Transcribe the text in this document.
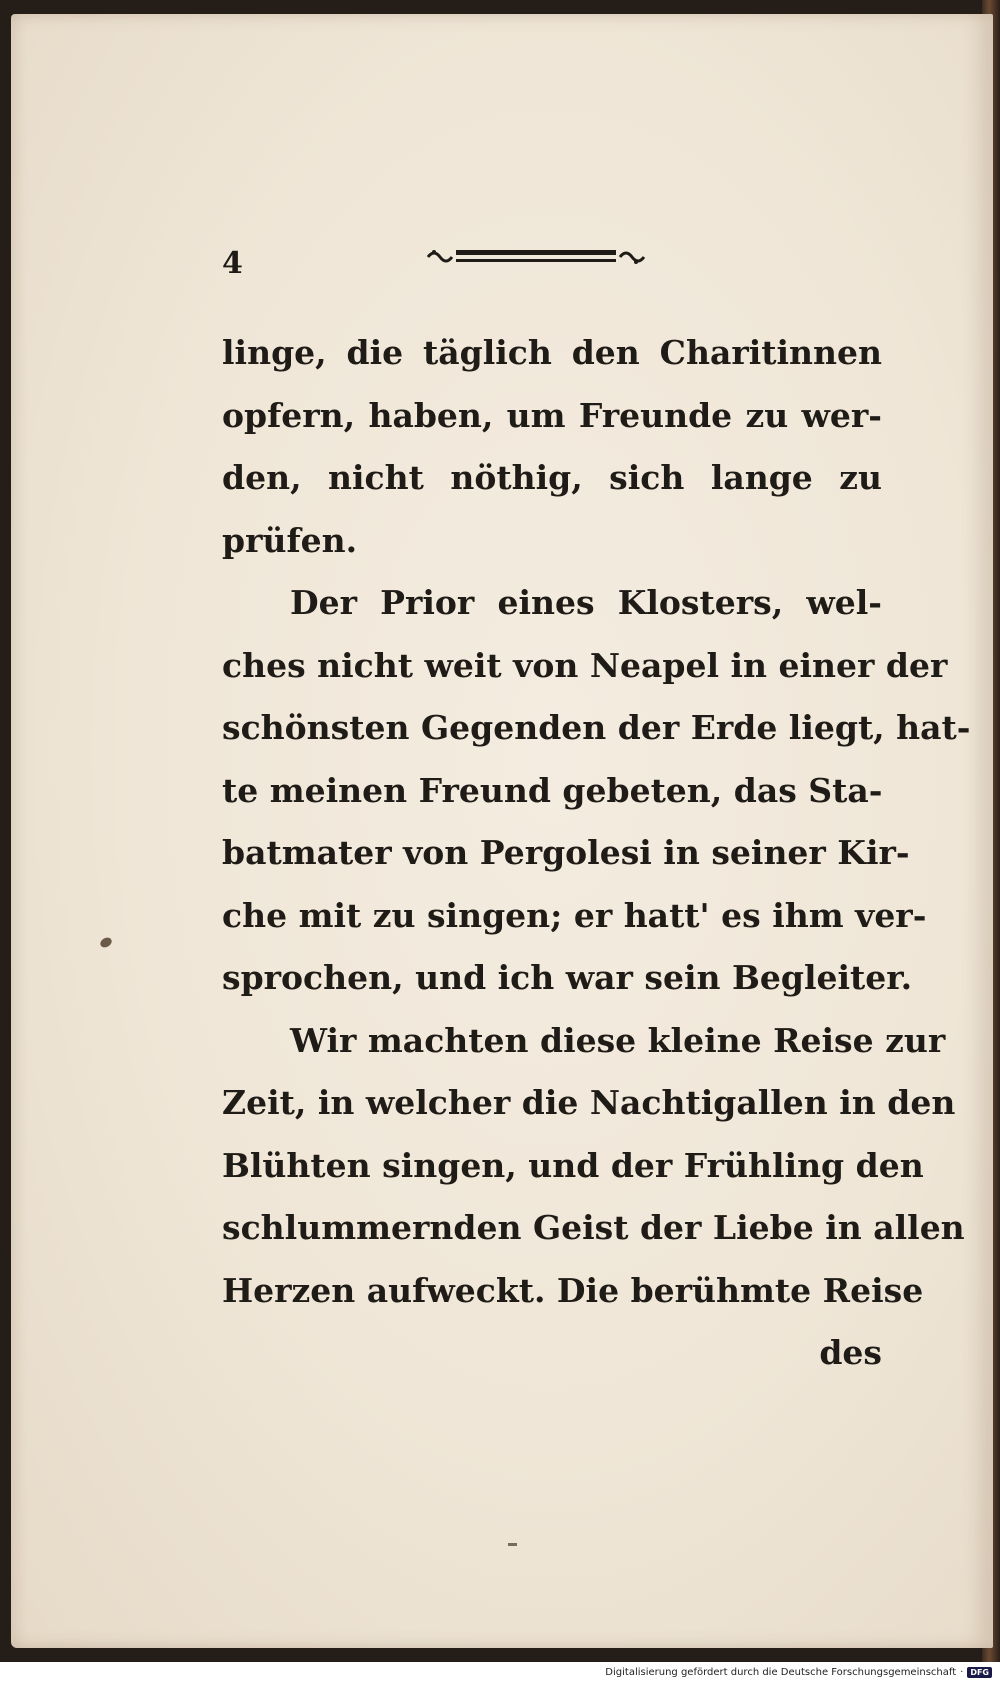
4
linge, die täglich den Charitinnen
opfern, haben, um Freunde zu wer-
den, nicht nöthig, sich lange zu
prüfen.
Der Prior eines Klosters, wel-
ches nicht weit von Neapel in einer der
schönsten Gegenden der Erde liegt, hat-
te meinen Freund gebeten, das Sta-
batmater von Pergolesi in seiner Kir-
che mit zu singen; er hatt' es ihm ver-
sprochen, und ich war sein Begleiter.
Wir machten diese kleine Reise zur
Zeit, in welcher die Nachtigallen in den
Blühten singen, und der Frühling den
schlummernden Geist der Liebe in allen
Herzen aufweckt. Die berühmte Reise
des
Digitalisierung gefördert durch die Deutsche Forschungsgemeinschaft · DFG
